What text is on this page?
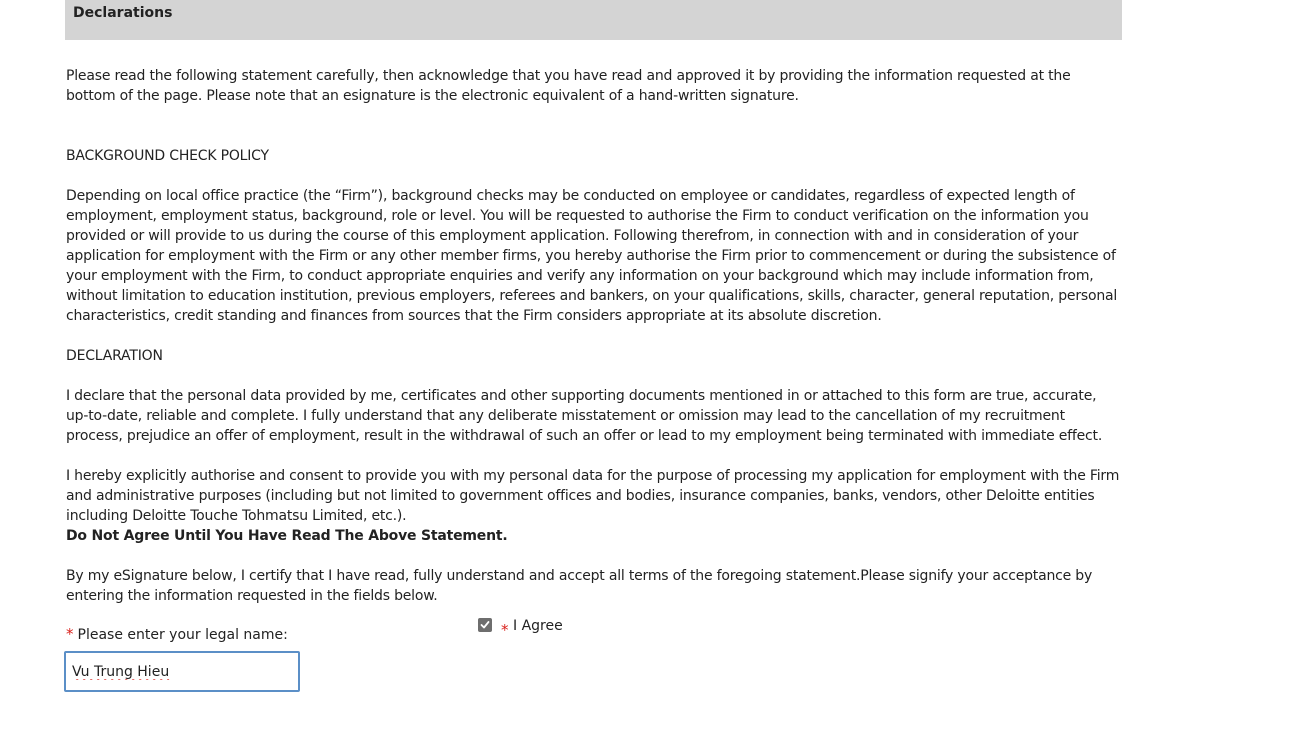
Declarations

Please read the following statement carefully, then acknowledge that you have read and approved it by providing the information requested at the bottom of the page. Please note that an esignature is the electronic equivalent of a hand-written signature.

BACKGROUND CHECK POLICY

Depending on local office practice (the “Firm”), background checks may be conducted on employee or candidates, regardless of expected length of employment, employment status, background, role or level. You will be requested to authorise the Firm to conduct verification on the information you provided or will provide to us during the course of this employment application. Following therefrom, in connection with and in consideration of your application for employment with the Firm or any other member firms, you hereby authorise the Firm prior to commencement or during the subsistence of your employment with the Firm, to conduct appropriate enquiries and verify any information on your background which may include information from, without limitation to education institution, previous employers, referees and bankers, on your qualifications, skills, character, general reputation, personal characteristics, credit standing and finances from sources that the Firm considers appropriate at its absolute discretion.

DECLARATION

I declare that the personal data provided by me, certificates and other supporting documents mentioned in or attached to this form are true, accurate, up-to-date, reliable and complete. I fully understand that any deliberate misstatement or omission may lead to the cancellation of my recruitment process, prejudice an offer of employment, result in the withdrawal of such an offer or lead to my employment being terminated with immediate effect.

I hereby explicitly authorise and consent to provide you with my personal data for the purpose of processing my application for employment with the Firm and administrative purposes (including but not limited to government offices and bodies, insurance companies, banks, vendors, other Deloitte entities including Deloitte Touche Tohmatsu Limited, etc.).

Do Not Agree Until You Have Read The Above Statement.

By my eSignature below, I certify that I have read, fully understand and accept all terms of the foregoing statement.Please signify your acceptance by entering the information requested in the fields below.

* Please enter your legal name:
Vu Trung Hieu	* I Agree
